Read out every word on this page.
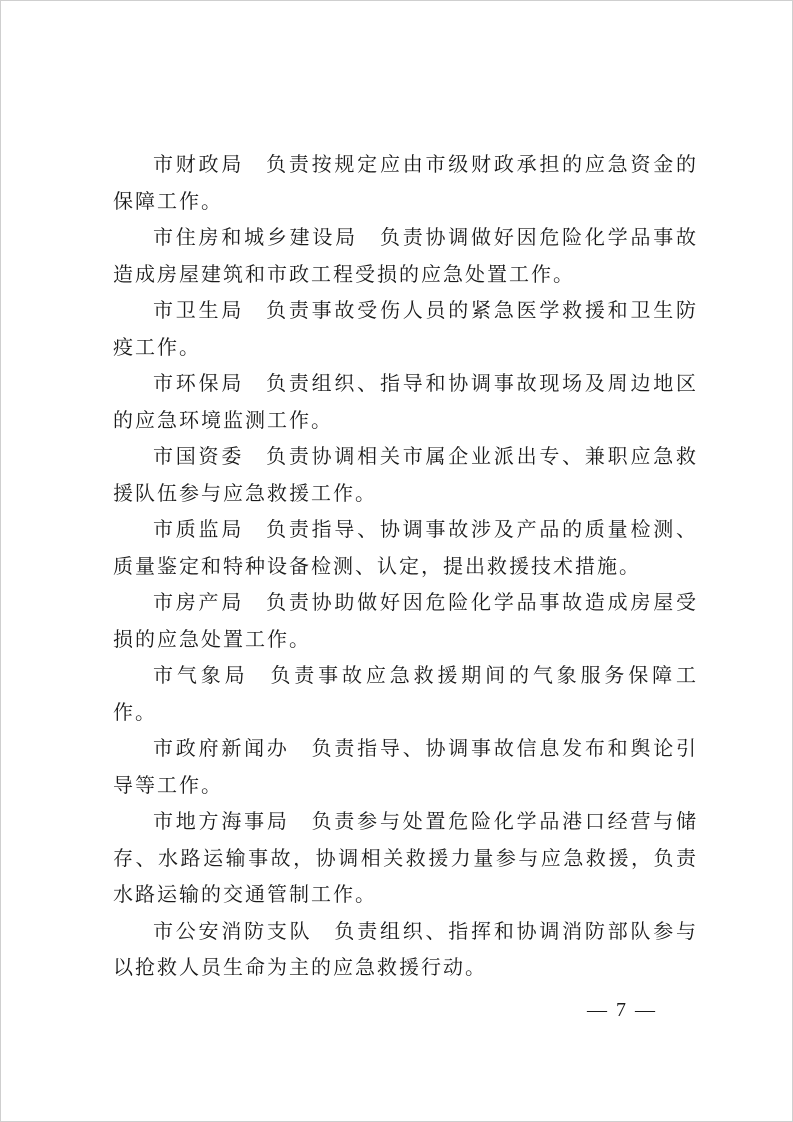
市财政局 负责按规定应由市级财政承担的应急资金的保障工作。

市住房和城乡建设局 负责协调做好因危险化学品事故造成房屋建筑和市政工程受损的应急处置工作。

市卫生局 负责事故受伤人员的紧急医学救援和卫生防疫工作。

市环保局 负责组织、指导和协调事故现场及周边地区的应急环境监测工作。

市国资委 负责协调相关市属企业派出专、兼职应急救援队伍参与应急救援工作。

市质监局 负责指导、协调事故涉及产品的质量检测、质量鉴定和特种设备检测、认定，提出救援技术措施。

市房产局 负责协助做好因危险化学品事故造成房屋受损的应急处置工作。

市气象局 负责事故应急救援期间的气象服务保障工作。

市政府新闻办 负责指导、协调事故信息发布和舆论引导等工作。

市地方海事局 负责参与处置危险化学品港口经营与储存、水路运输事故，协调相关救援力量参与应急救援，负责水路运输的交通管制工作。

市公安消防支队 负责组织、指挥和协调消防部队参与以抢救人员生命为主的应急救援行动。

— 7 —
